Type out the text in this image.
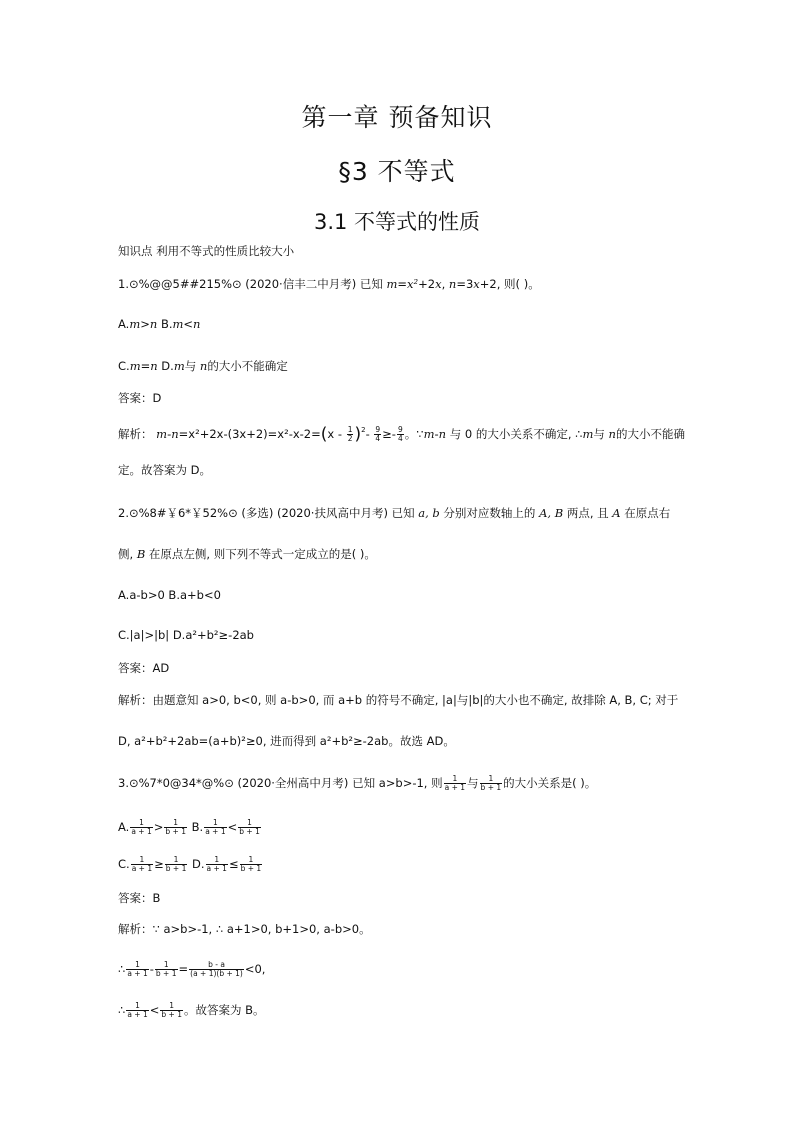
第一章 预备知识
§3 不等式
3.1 不等式的性质
知识点 利用不等式的性质比较大小
1.⊙%@@5##215%⊙ (2020·信丰二中月考) 已知 m=x²+2x, n=3x+2, 则( )。
A.m>n B.m<n
C.m=n D.m与 n的大小不能确定
答案：D
解析： $m-n=x^2+2x-(3x+2)=x^2-x-2=(x - \frac{1}{2} )^2- \frac{9}{4} \ge- \frac{9}{4}$ 。∵m-n 与 0 的大小关系不确定, ∴m与 n的大小不能确
定。故答案为 D。
2.⊙%8#￥6*￥52%⊙ (多选) (2020·扶风高中月考) 已知 a, b 分别对应数轴上的 A, B 两点, 且 A 在原点右
侧, B 在原点左侧, 则下列不等式一定成立的是( )。
A.a-b>0 B.a+b<0
C.|a|>|b| D.a²+b²≥-2ab
答案：AD
解析：由题意知 a>0, b<0, 则 a-b>0, 而 a+b 的符号不确定, |a|与|b|的大小也不确定, 故排除 A, B, C; 对于
D, a²+b²+2ab=(a+b)²≥0, 进而得到 a²+b²≥-2ab。故选 AD。
3.⊙%7*0@34*@%⊙ (2020·全州高中月考) 已知 a>b>-1, 则 $\frac{1}{a + 1}$ 与 $\frac{1}{b + 1}$ 的大小关系是( )。
A. $\frac{1}{a + 1} > \frac{1}{b + 1} B$. $\frac{1}{a + 1} < \frac{1}{b + 1}$
C. $\frac{1}{a + 1} \ge \frac{1}{b + 1} D$. $\frac{1}{a + 1} \le \frac{1}{b + 1}$
答案：B
解析：∵ a>b>-1, ∴ a+1>0, b+1>0, a-b>0。
∴ $\frac{1}{a + 1} - \frac{1}{b + 1} = \frac{b - a}{(a + 1)(b + 1)} <0$,
∴ $\frac{1}{a + 1} < \frac{1}{b + 1}$ 。故答案为 B。
